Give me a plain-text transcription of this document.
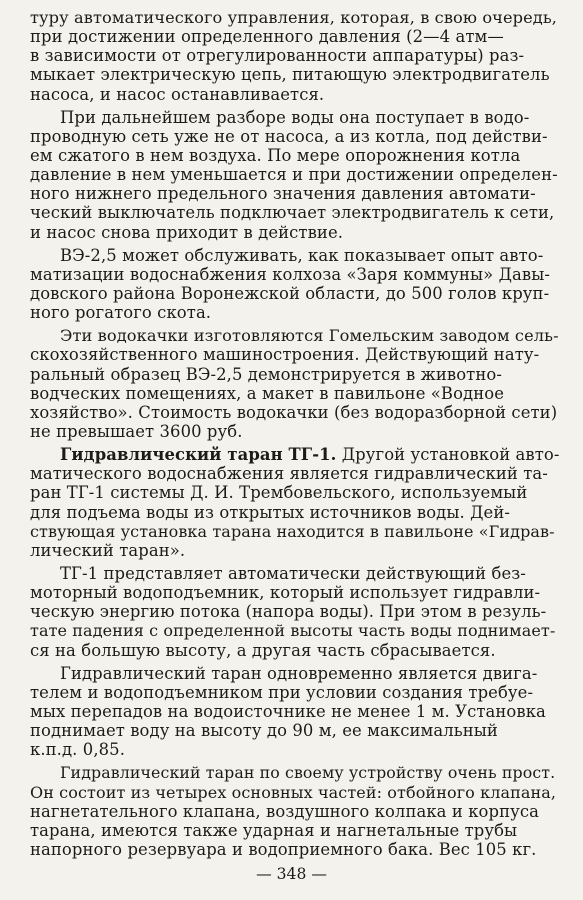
туру автоматического управления, которая, в свою очередь,
при достижении определенного давления (2—4 атм—
в зависимости от отрегулированности аппаратуры) раз-
мыкает электрическую цепь, питающую электродвигатель
насоса, и насос останавливается.
При дальнейшем разборе воды она поступает в водо-
проводную сеть уже не от насоса, а из котла, под действи-
ем сжатого в нем воздуха. По мере опорожнения котла
давление в нем уменьшается и при достижении определен-
ного нижнего предельного значения давления автомати-
ческий выключатель подключает электродвигатель к сети,
и насос снова приходит в действие.
ВЭ-2,5 может обслуживать, как показывает опыт авто-
матизации водоснабжения колхоза «Заря коммуны» Давы-
довского района Воронежской области, до 500 голов круп-
ного рогатого скота.
Эти водокачки изготовляются Гомельским заводом сель-
скохозяйственного машиностроения. Действующий нату-
ральный образец ВЭ-2,5 демонстрируется в животно-
водческих помещениях, а макет в павильоне «Водное
хозяйство». Стоимость водокачки (без водоразборной сети)
не превышает 3600 руб.
Гидравлический таран ТГ-1. Другой установкой авто-
матического водоснабжения является гидравлический та-
ран ТГ-1 системы Д. И. Трембовельского, используемый
для подъема воды из открытых источников воды. Дей-
ствующая установка тарана находится в павильоне «Гидрав-
лический таран».
ТГ-1 представляет автоматически действующий без-
моторный водоподъемник, который использует гидравли-
ческую энергию потока (напора воды). При этом в резуль-
тате падения с определенной высоты часть воды поднимает-
ся на большую высоту, а другая часть сбрасывается.
Гидравлический таран одновременно является двига-
телем и водоподъемником при условии создания требуе-
мых перепадов на водоисточнике не менее 1 м. Установка
поднимает воду на высоту до 90 м, ее максимальный
к.п.д. 0,85.
Гидравлический таран по своему устройству очень прост.
Он состоит из четырех основных частей: отбойного клапана,
нагнетательного клапана, воздушного колпака и корпуса
тарана, имеются также ударная и нагнетальные трубы
напорного резервуара и водоприемного бака. Вес 105 кг.
— 348 —
